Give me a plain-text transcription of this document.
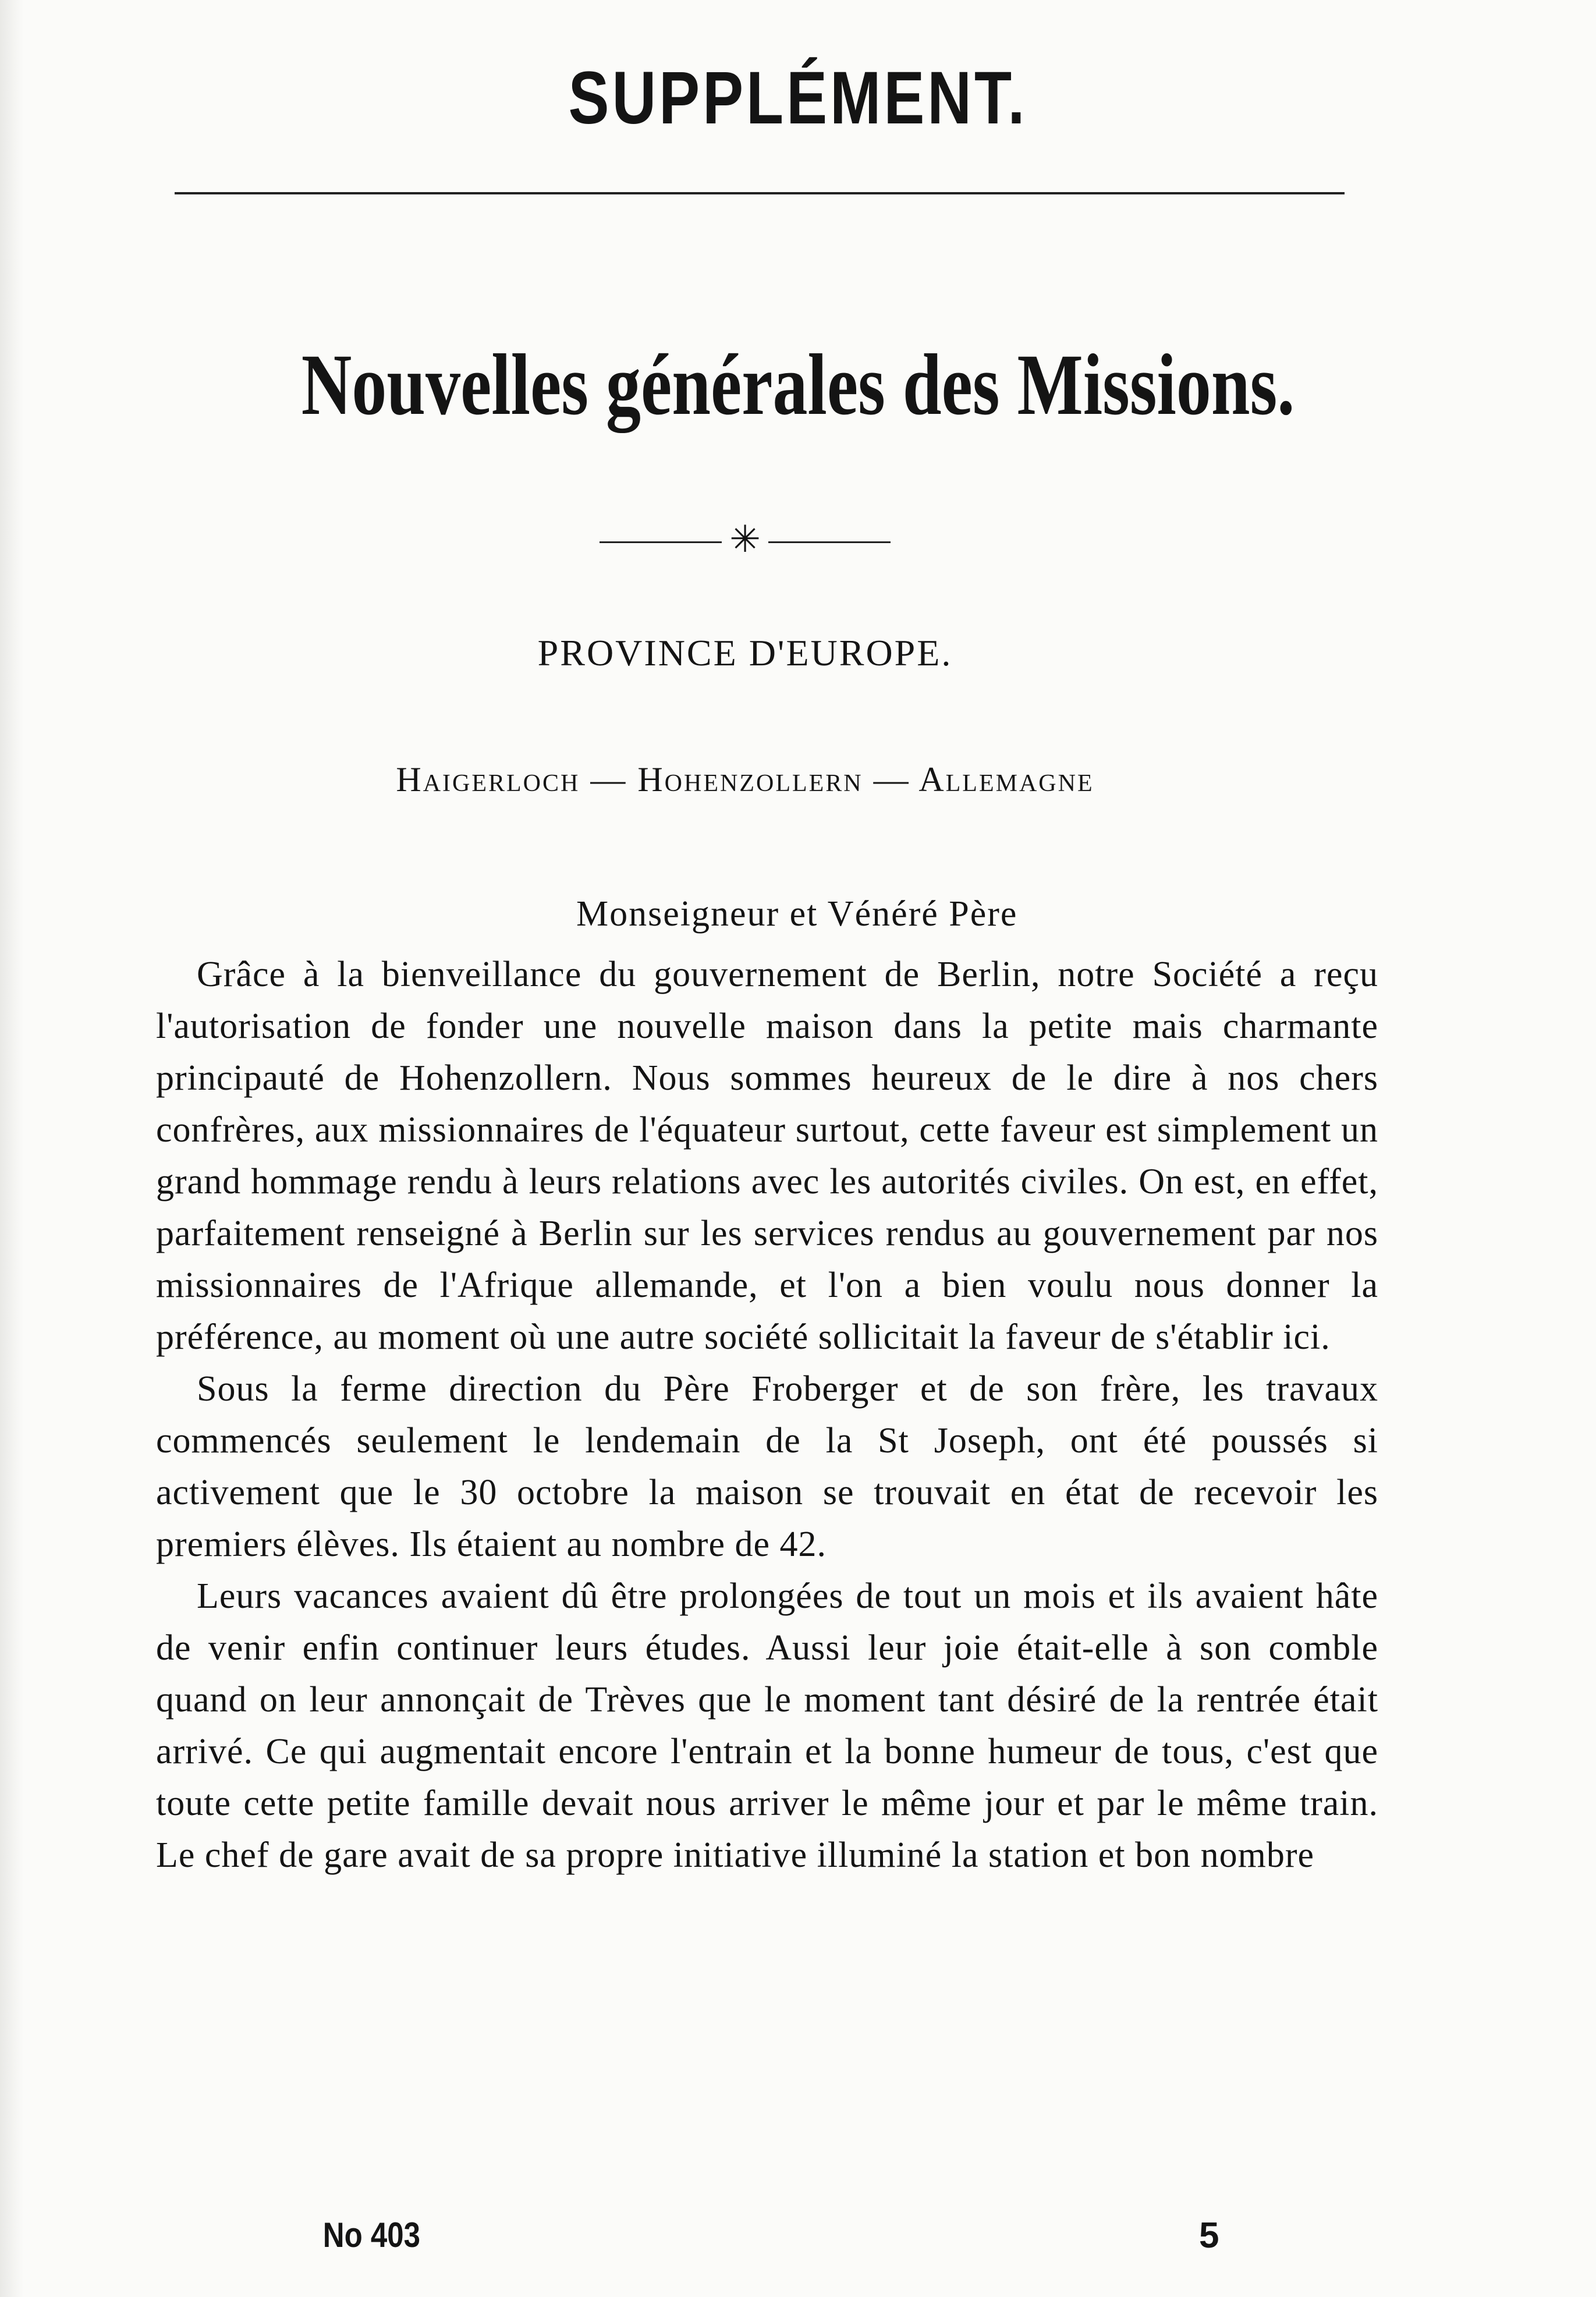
SUPPLÉMENT.
Nouvelles générales des Missions.
✳
PROVINCE D'EUROPE.
Haigerloch — Hohenzollern — Allemagne
Monseigneur et Vénéré Père

Grâce à la bienveillance du gouvernement de Berlin, notre Société a reçu l'autorisation de fonder une nouvelle maison dans la petite mais charmante principauté de Hohenzollern. Nous sommes heureux de le dire à nos chers confrères, aux missionnaires de l'équateur surtout, cette faveur est simplement un grand hommage rendu à leurs relations avec les autorités civiles. On est, en effet, parfaitement renseigné à Berlin sur les services rendus au gouvernement par nos missionnaires de l'Afrique allemande, et l'on a bien voulu nous donner la préférence, au moment où une autre société sollicitait la faveur de s'établir ici.

Sous la ferme direction du Père Froberger et de son frère, les travaux commencés seulement le lendemain de la St Joseph, ont été poussés si activement que le 30 octobre la maison se trouvait en état de recevoir les premiers élèves. Ils étaient au nombre de 42.

Leurs vacances avaient dû être prolongées de tout un mois et ils avaient hâte de venir enfin continuer leurs études. Aussi leur joie était-elle à son comble quand on leur annonçait de Trèves que le moment tant désiré de la rentrée était arrivé. Ce qui augmentait encore l'entrain et la bonne humeur de tous, c'est que toute cette petite famille devait nous arriver le même jour et par le même train. Le chef de gare avait de sa propre initiative illuminé la station et bon nombre

No 403	5
